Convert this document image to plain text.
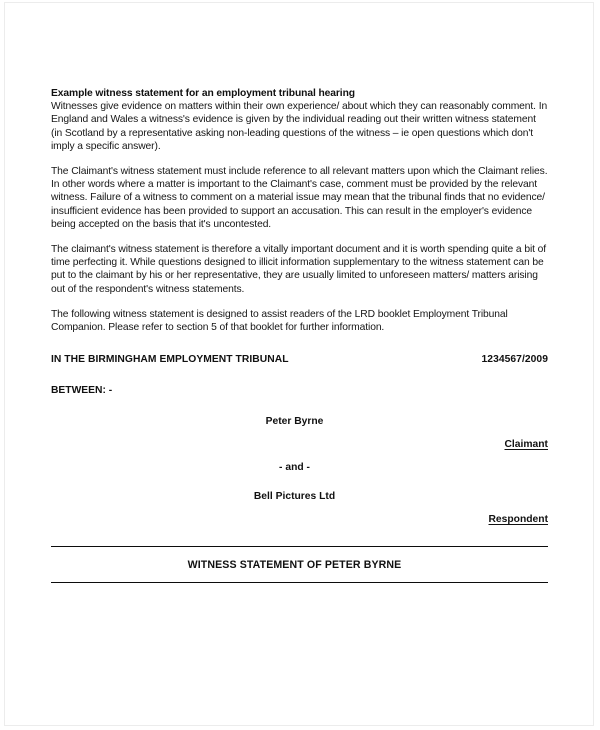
Example witness statement for an employment tribunal hearing
Witnesses give evidence on matters within their own experience/ about which they can reasonably comment. In England and Wales a witness's evidence is given by the individual reading out their written witness statement (in Scotland by a representative asking non-leading questions of the witness – ie open questions which don't imply a specific answer).

The Claimant's witness statement must include reference to all relevant matters upon which the Claimant relies. In other words where a matter is important to the Claimant's case, comment must be provided by the relevant witness. Failure of a witness to comment on a material issue may mean that the tribunal finds that no evidence/ insufficient evidence has been provided to support an accusation. This can result in the employer's evidence being accepted on the basis that it's uncontested.

The claimant's witness statement is therefore a vitally important document and it is worth spending quite a bit of time perfecting it. While questions designed to illicit information supplementary to the witness statement can be put to the claimant by his or her representative, they are usually limited to unforeseen matters/ matters arising out of the respondent's witness statements.

The following witness statement is designed to assist readers of the LRD booklet Employment Tribunal Companion. Please refer to section 5 of that booklet for further information.

IN THE BIRMINGHAM EMPLOYMENT TRIBUNAL	1234567/2009
BETWEEN: -
Peter Byrne
Claimant
- and -
Bell Pictures Ltd
Respondent
WITNESS STATEMENT OF PETER BYRNE
